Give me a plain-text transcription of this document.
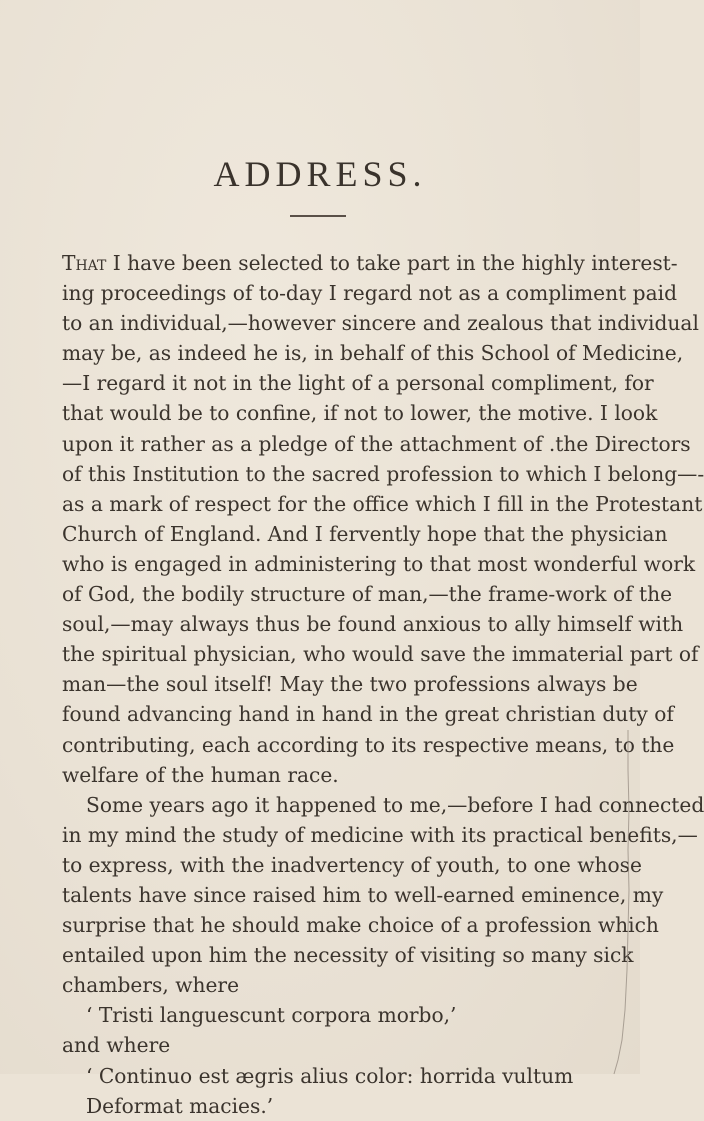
ADDRESS.
That I have been selected to take part in the highly interest-
ing proceedings of to-day I regard not as a compliment paid
to an individual,—however sincere and zealous that individual
may be, as indeed he is, in behalf of this School of Medicine,
—I regard it not in the light of a personal compliment, for
that would be to confine, if not to lower, the motive. I look
upon it rather as a pledge of the attachment of .the Directors
of this Institution to the sacred profession to which I belong—-
as a mark of respect for the office which I fill in the Protestant
Church of England. And I fervently hope that the physician
who is engaged in administering to that most wonderful work
of God, the bodily structure of man,—the frame-work of the
soul,—may always thus be found anxious to ally himself with
the spiritual physician, who would save the immaterial part of
man—the soul itself! May the two professions always be
found advancing hand in hand in the great christian duty of
contributing, each according to its respective means, to the
welfare of the human race.
Some years ago it happened to me,—before I had connected
in my mind the study of medicine with its practical benefits,—
to express, with the inadvertency of youth, to one whose
talents have since raised him to well-earned eminence, my
surprise that he should make choice of a profession which
entailed upon him the necessity of visiting so many sick
chambers, where
‘ Tristi languescunt corpora morbo,’
and where
‘ Continuo est ægris alius color: horrida vultum
Deformat macies.’
